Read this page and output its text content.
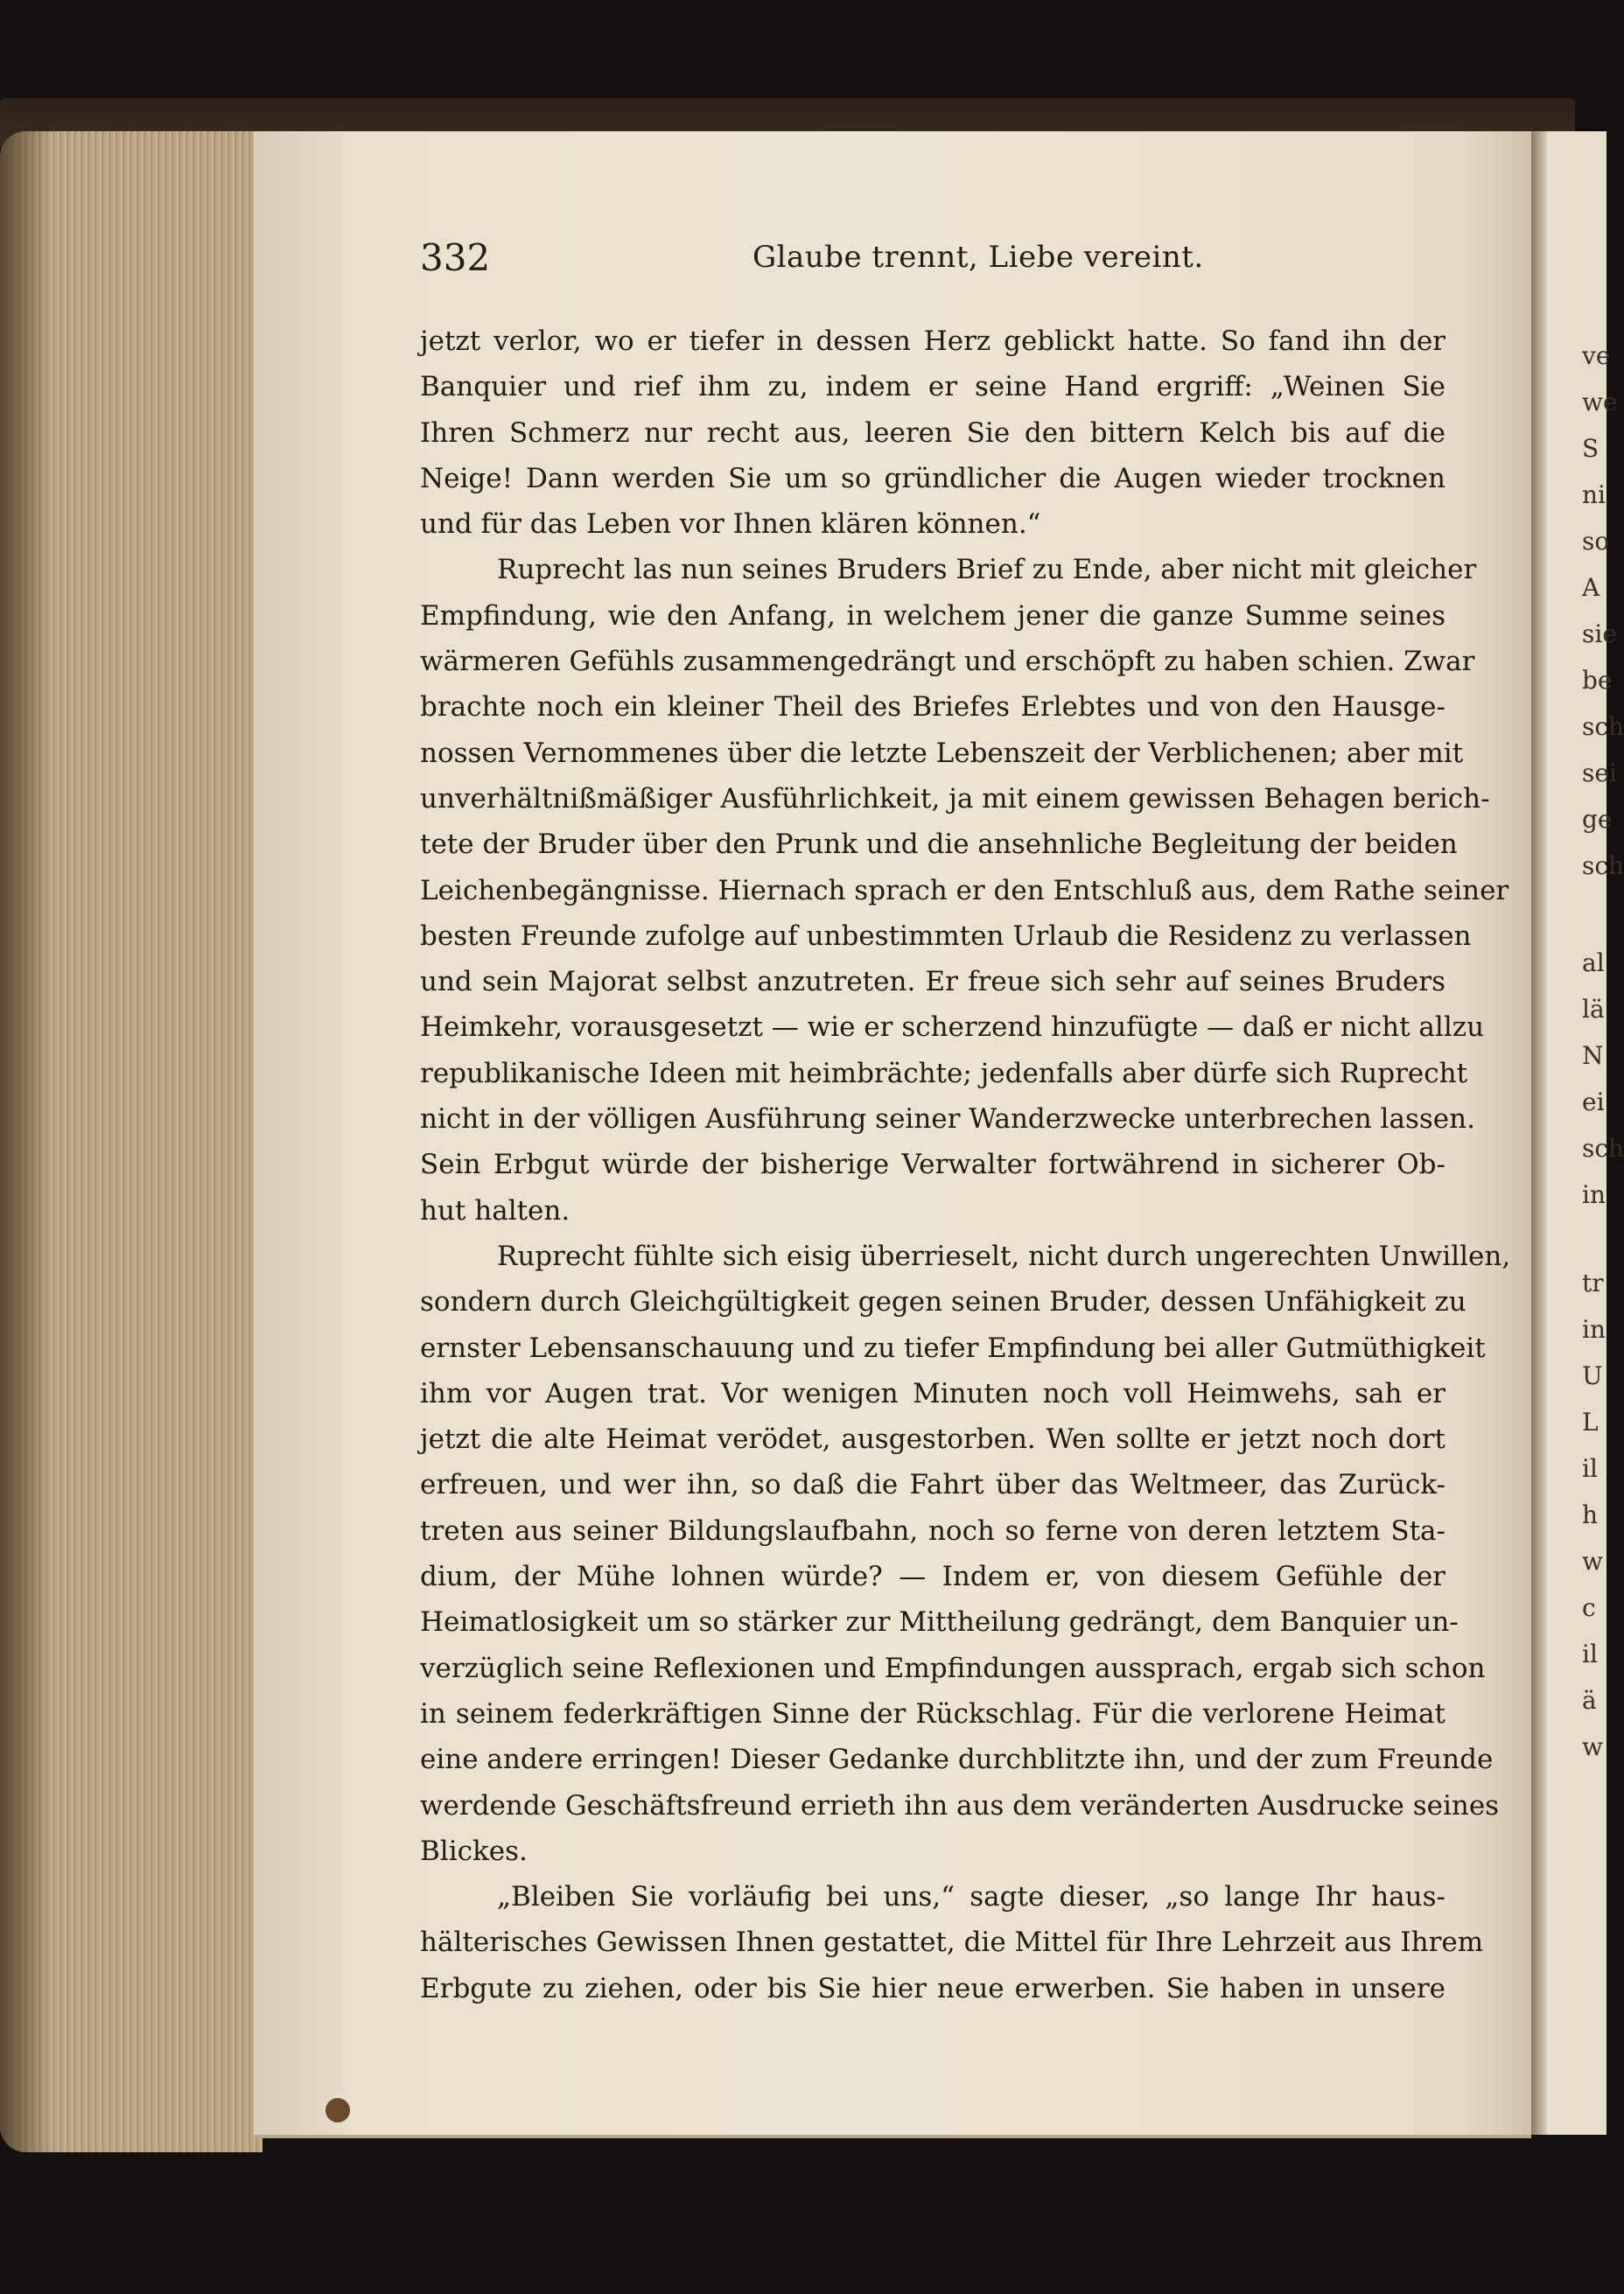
ve
we
S
ni
so
A
sie
be
sch
sei
ge
sch
al
lä
N
ei
sch
in
tr
in
U
L
il
h
w
c
il
ä
w
332	Glaube trennt, Liebe vereint.
jetzt verlor, wo er tiefer in dessen Herz geblickt hatte. So fand ihn der
Banquier und rief ihm zu, indem er seine Hand ergriff: „Weinen Sie
Ihren Schmerz nur recht aus, leeren Sie den bittern Kelch bis auf die
Neige! Dann werden Sie um so gründlicher die Augen wieder trocknen
und für das Leben vor Ihnen klären können.“
Ruprecht las nun seines Bruders Brief zu Ende, aber nicht mit gleicher
Empfindung, wie den Anfang, in welchem jener die ganze Summe seines
wärmeren Gefühls zusammengedrängt und erschöpft zu haben schien. Zwar
brachte noch ein kleiner Theil des Briefes Erlebtes und von den Hausge-
nossen Vernommenes über die letzte Lebenszeit der Verblichenen; aber mit
unverhältnißmäßiger Ausführlichkeit, ja mit einem gewissen Behagen berich-
tete der Bruder über den Prunk und die ansehnliche Begleitung der beiden
Leichenbegängnisse. Hiernach sprach er den Entschluß aus, dem Rathe seiner
besten Freunde zufolge auf unbestimmten Urlaub die Residenz zu verlassen
und sein Majorat selbst anzutreten. Er freue sich sehr auf seines Bruders
Heimkehr, vorausgesetzt — wie er scherzend hinzufügte — daß er nicht allzu
republikanische Ideen mit heimbrächte; jedenfalls aber dürfe sich Ruprecht
nicht in der völligen Ausführung seiner Wanderzwecke unterbrechen lassen.
Sein Erbgut würde der bisherige Verwalter fortwährend in sicherer Ob-
hut halten.
Ruprecht fühlte sich eisig überrieselt, nicht durch ungerechten Unwillen,
sondern durch Gleichgültigkeit gegen seinen Bruder, dessen Unfähigkeit zu
ernster Lebensanschauung und zu tiefer Empfindung bei aller Gutmüthigkeit
ihm vor Augen trat. Vor wenigen Minuten noch voll Heimwehs, sah er
jetzt die alte Heimat verödet, ausgestorben. Wen sollte er jetzt noch dort
erfreuen, und wer ihn, so daß die Fahrt über das Weltmeer, das Zurück-
treten aus seiner Bildungslaufbahn, noch so ferne von deren letztem Sta-
dium, der Mühe lohnen würde? — Indem er, von diesem Gefühle der
Heimatlosigkeit um so stärker zur Mittheilung gedrängt, dem Banquier un-
verzüglich seine Reflexionen und Empfindungen aussprach, ergab sich schon
in seinem federkräftigen Sinne der Rückschlag. Für die verlorene Heimat
eine andere erringen! Dieser Gedanke durchblitzte ihn, und der zum Freunde
werdende Geschäftsfreund errieth ihn aus dem veränderten Ausdrucke seines
Blickes.
„Bleiben Sie vorläufig bei uns,“ sagte dieser, „so lange Ihr haus-
hälterisches Gewissen Ihnen gestattet, die Mittel für Ihre Lehrzeit aus Ihrem
Erbgute zu ziehen, oder bis Sie hier neue erwerben. Sie haben in unsere
